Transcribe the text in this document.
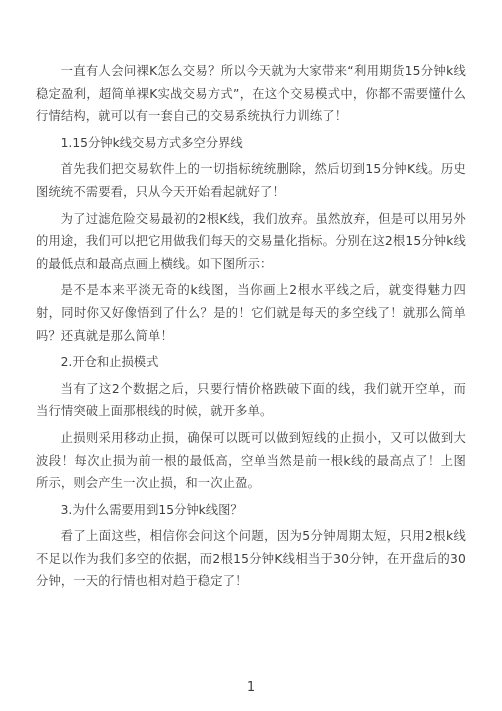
一直有人会问裸K怎么交易？所以今天就为大家带来“利用期货15分钟k线稳定盈利，超简单裸K实战交易方式”，在这个交易模式中，你都不需要懂什么行情结构，就可以有一套自己的交易系统执行力训练了！

1.15分钟k线交易方式多空分界线

首先我们把交易软件上的一切指标统统删除，然后切到15分钟K线。历史图统统不需要看，只从今天开始看起就好了！

为了过滤危险交易最初的2根K线，我们放弃。虽然放弃，但是可以用另外的用途，我们可以把它用做我们每天的交易量化指标。分别在这2根15分钟k线的最低点和最高点画上横线。如下图所示：

是不是本来平淡无奇的k线图，当你画上2根水平线之后，就变得魅力四射，同时你又好像悟到了什么？是的！它们就是每天的多空线了！就那么简单吗？还真就是那么简单！

2.开仓和止损模式

当有了这2个数据之后，只要行情价格跌破下面的线，我们就开空单，而当行情突破上面那根线的时候，就开多单。

止损则采用移动止损，确保可以既可以做到短线的止损小，又可以做到大波段！每次止损为前一根的最低高，空单当然是前一根k线的最高点了！上图所示，则会产生一次止损，和一次止盈。

3.为什么需要用到15分钟k线图？

看了上面这些，相信你会问这个问题，因为5分钟周期太短，只用2根k线不足以作为我们多空的依据，而2根15分钟K线相当于30分钟，在开盘后的30分钟，一天的行情也相对趋于稳定了！

1
